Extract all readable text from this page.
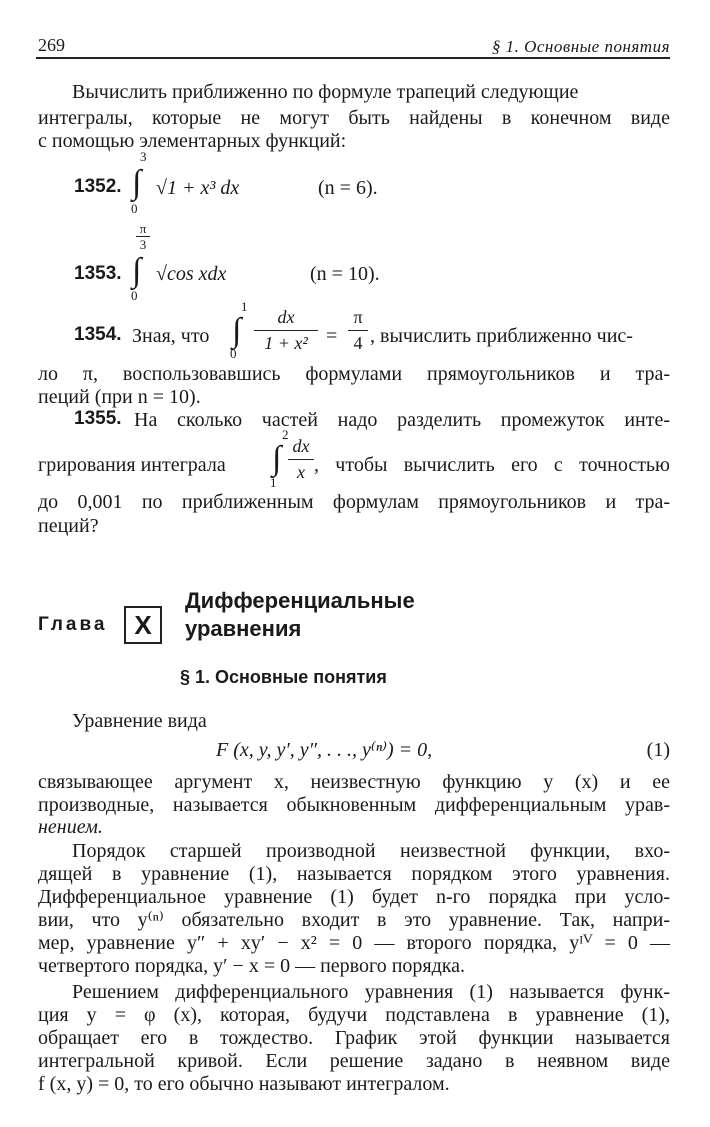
269	§ 1. Основные понятия
Вычислить приближенно по формуле трапеций следующие
интегралы, которые не могут быть найдены в конечном виде
с помощью элементарных функций:
1352.
3
∫
0
√1 + x³ dx	(n = 6).
1353.
π
3
∫
0
√cos xdx	(n = 10).
1354. Зная, что
1
∫
0
dx
1 + x² =
π
4 , вычислить приближенно чис-
ло π, воспользовавшись формулами прямоугольников и тра-
пеций (при n = 10).
1355. На сколько частей надо разделить промежуток инте-
грирования интеграла
2
∫
1
dx
x , чтобы вычислить его с точностью
до 0,001 по приближенным формулам прямоугольников и тра-
пеций?
Глава	X
Дифференциальные
уравнения
§ 1. Основные понятия
Уравнение вида
F (x, y, y′, y″, . . ., y⁽ⁿ⁾) = 0,	(1)
связывающее аргумент x, неизвестную функцию y (x) и ее
производные, называется обыкновенным дифференциальным урав-
нением.
Порядок старшей производной неизвестной функции, вхо-
дящей в уравнение (1), называется порядком этого уравнения.
Дифференциальное уравнение (1) будет n-го порядка при усло-
вии, что y⁽ⁿ⁾ обязательно входит в это уравнение. Так, напри-
мер, уравнение y″ + xy′ − x² = 0 — второго порядка, yᴵⱽ = 0 —
четвертого порядка, y′ − x = 0 — первого порядка.
Решением дифференциального уравнения (1) называется функ-
ция y = φ (x), которая, будучи подставлена в уравнение (1),
обращает его в тождество. График этой функции называется
интегральной кривой. Если решение задано в неявном виде
f (x, y) = 0, то его обычно называют интегралом.
